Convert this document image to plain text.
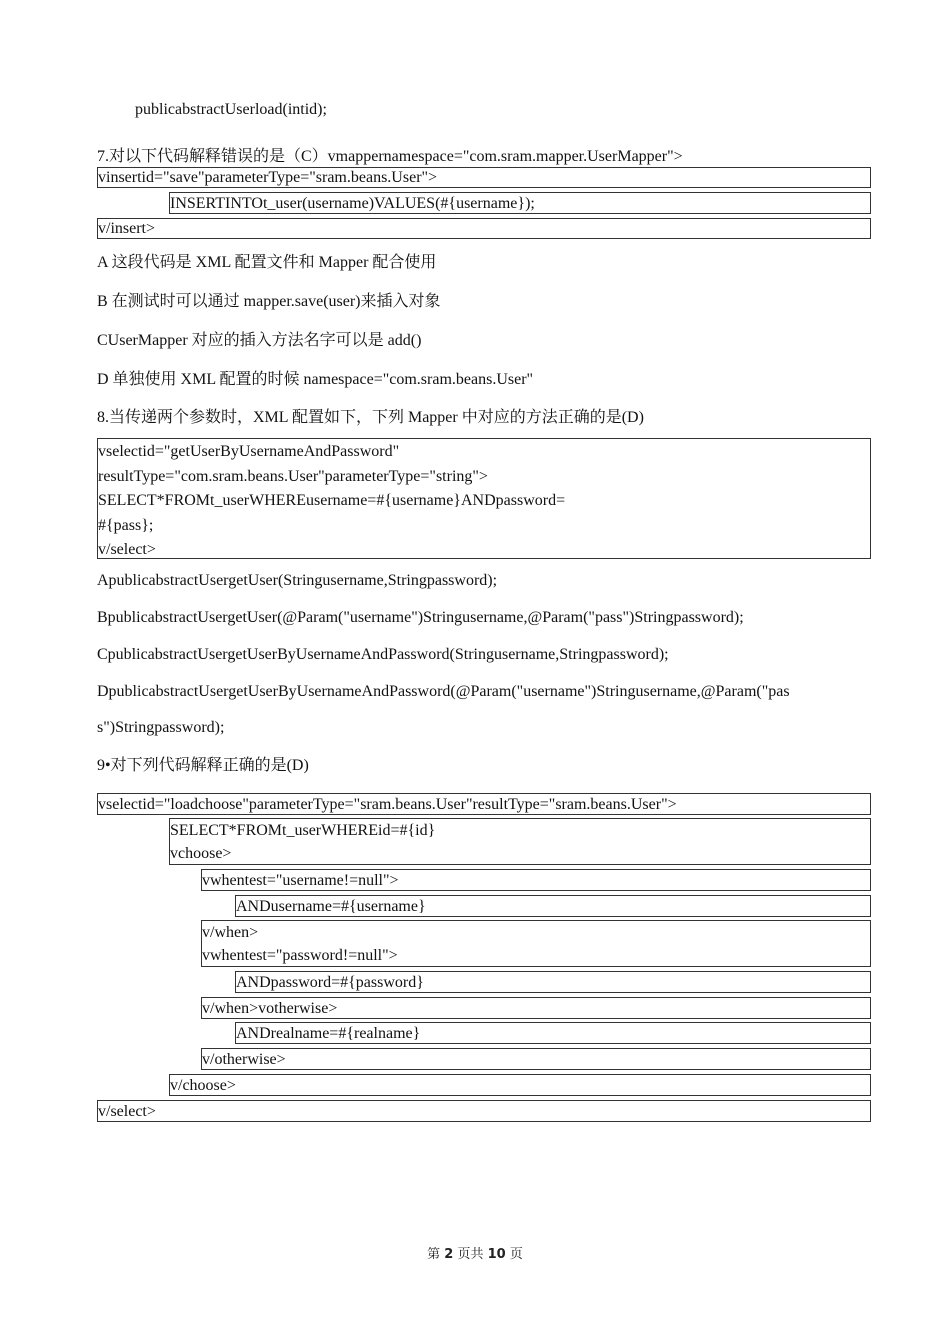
publicabstractUserload(intid);
7.对以下代码解释错误的是（C）vmappernamespace="com.sram.mapper.UserMapper">
vinsertid="save"parameterType="sram.beans.User">
INSERTINTOt_user(username)VALUES(#{username});
v/insert>
A 这段代码是 XML 配置文件和 Mapper 配合使用
B 在测试时可以通过 mapper.save(user)来插入对象
CUserMapper 对应的插入方法名字可以是 add()
D 单独使用 XML 配置的时候 namespace="com.sram.beans.User"
8.当传递两个参数时，XML 配置如下，下列 Mapper 中对应的方法正确的是(D)
vselectid="getUserByUsernameAndPassword"
resultType="com.sram.beans.User"parameterType="string">
SELECT*FROMt_userWHEREusername=#{username}ANDpassword=
#{pass};
v/select>
ApublicabstractUsergetUser(Stringusername,Stringpassword);
BpublicabstractUsergetUser(@Param("username")Stringusername,@Param("pass")Stringpassword);
CpublicabstractUsergetUserByUsernameAndPassword(Stringusername,Stringpassword);
DpublicabstractUsergetUserByUsernameAndPassword(@Param("username")Stringusername,@Param("pas
s")Stringpassword);
9•对下列代码解释正确的是(D)
vselectid="loadchoose"parameterType="sram.beans.User"resultType="sram.beans.User">
SELECT*FROMt_userWHEREid=#{id}
vchoose>
vwhentest="username!=null">
ANDusername=#{username}
v/when>
vwhentest="password!=null">
ANDpassword=#{password}
v/when>votherwise>
ANDrealname=#{realname}
v/otherwise>
v/choose>
v/select>
第 2 页共 10 页
